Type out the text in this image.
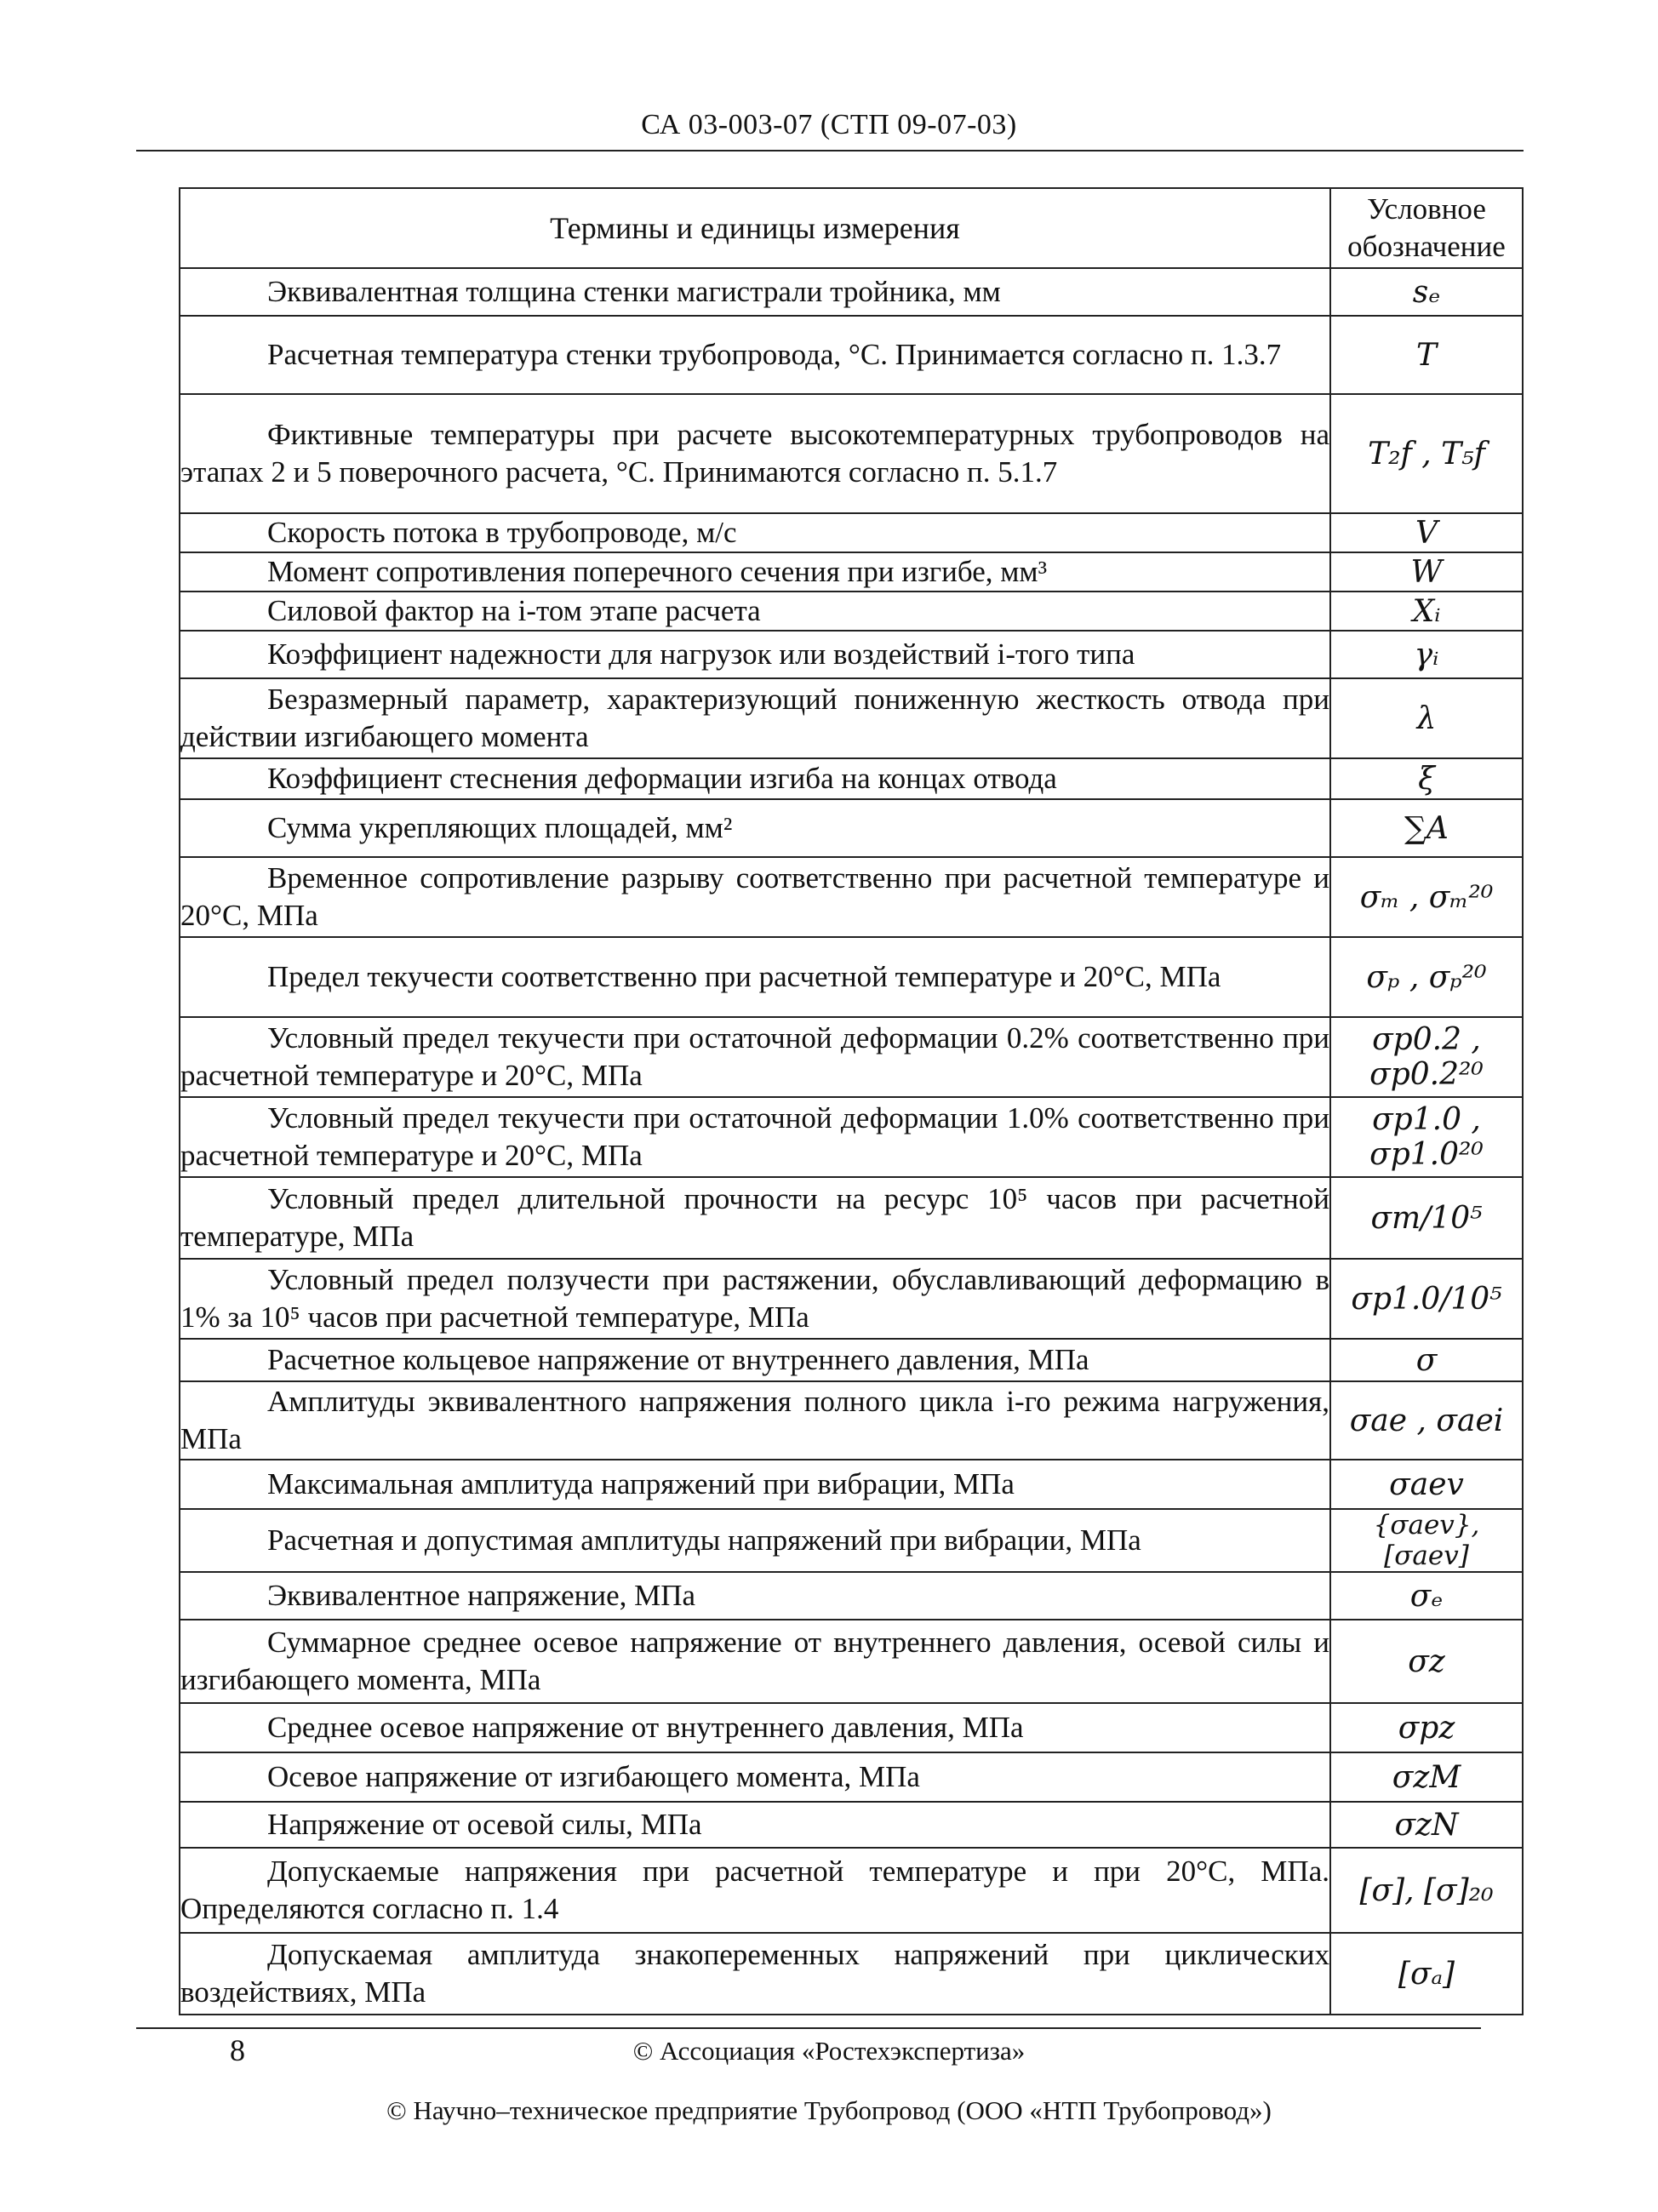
СА 03-003-07 (СТП 09-07-03)
Термины и единицы измерения	Условное
обозначение

Эквивалентная толщина стенки магистрали тройника, мм	sₑ
Расчетная температура стенки трубопровода, °С. Принимается согласно п. 1.3.7	T
Фиктивные температуры при расчете высокотемпературных трубопроводов на этапах 2 и 5 поверочного расчета, °С. Принимаются согласно п. 5.1.7	T₂f , T₅f
Скорость потока в трубопроводе, м/с	V
Момент сопротивления поперечного сечения при изгибе, мм³	W
Силовой фактор на i-том этапе расчета	Xᵢ
Коэффициент надежности для нагрузок или воздействий i-того типа	γᵢ
Безразмерный параметр, характеризующий пониженную жесткость отвода при действии изгибающего момента	λ
Коэффициент стеснения деформации изгиба на концах отвода	ξ
Сумма укрепляющих площадей, мм²	∑A
Временное сопротивление разрыву соответственно при расчетной температуре и 20°С, МПа	σₘ , σₘ²⁰
Предел текучести соответственно при расчетной температуре и 20°С, МПа	σₚ , σₚ²⁰
Условный предел текучести при остаточной деформации 0.2% соответственно при расчетной температуре и 20°С, МПа	σp0.2 , σp0.2²⁰
Условный предел текучести при остаточной деформации 1.0% соответственно при расчетной температуре и 20°С, МПа	σp1.0 , σp1.0²⁰
Условный предел длительной прочности на ресурс 10⁵ часов при расчетной температуре, МПа	σm/10⁵
Условный предел ползучести при растяжении, обуславливающий деформацию в 1% за 10⁵ часов при расчетной температуре, МПа	σp1.0/10⁵
Расчетное кольцевое напряжение от внутреннего давления, МПа	σ
Амплитуды эквивалентного напряжения полного цикла i-го режима нагружения, МПа	σae , σaei
Максимальная амплитуда напряжений при вибрации, МПа	σaev
Расчетная и допустимая амплитуды напряжений при вибрации, МПа	{σaev}, [σaev]
Эквивалентное напряжение, МПа	σₑ
Суммарное среднее осевое напряжение от внутреннего давления, осевой силы и изгибающего момента, МПа	σz
Среднее осевое напряжение от внутреннего давления, МПа	σpz
Осевое напряжение от изгибающего момента, МПа	σzM
Напряжение от осевой силы, МПа	σzN
Допускаемые напряжения при расчетной температуре и при 20°С, МПа. Определяются согласно п. 1.4	[σ], [σ]₂₀
Допускаемая амплитуда знакопеременных напряжений при циклических воздействиях, МПа	[σₐ]
8	© Ассоциация «Ростехэкспертиза»
© Научно–техническое предприятие Трубопровод (ООО «НТП Трубопровод»)
